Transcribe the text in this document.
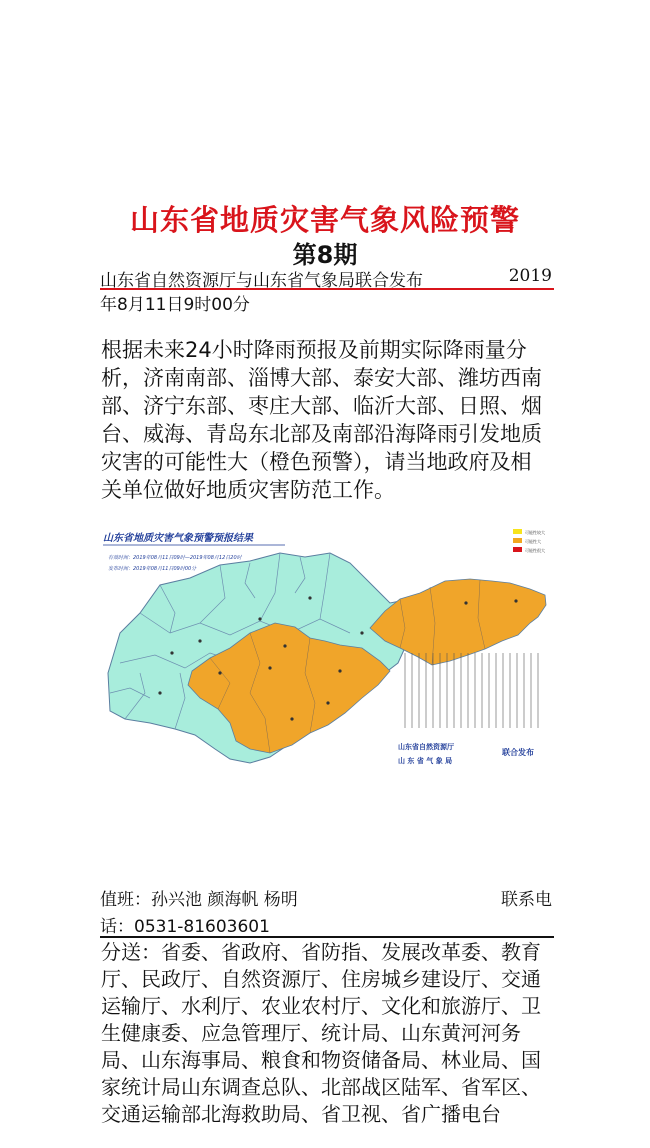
山东省地质灾害气象风险预警
第8期
山东省自然资源厅与山东省气象局联合发布	2019
年8月11日9时00分
根据未来24小时降雨预报及前期实际降雨量分析，济南南部、淄博大部、泰安大部、潍坊西南部、济宁东部、枣庄大部、临沂大部、日照、烟台、威海、青岛东北部及南部沿海降雨引发地质灾害的可能性大（橙色预警），请当地政府及相关单位做好地质灾害防范工作。
山东省地质灾害气象预警预报结果
有效时间：2019年08月11日09时—2019年08月12日20时
发布时间：2019年08月11日09时00分
可能性较大
可能性大
可能性很大
山东省自然资源厅
山 东 省 气 象 局
联合发布
值班：孙兴池 颜海帆 杨明	联系电
话：0531-81603601
分送：省委、省政府、省防指、发展改革委、教育厅、民政厅、自然资源厅、住房城乡建设厅、交通运输厅、水利厅、农业农村厅、文化和旅游厅、卫生健康委、应急管理厅、统计局、山东黄河河务局、山东海事局、粮食和物资储备局、林业局、国家统计局山东调查总队、北部战区陆军、省军区、交通运输部北海救助局、省卫视、省广播电台
